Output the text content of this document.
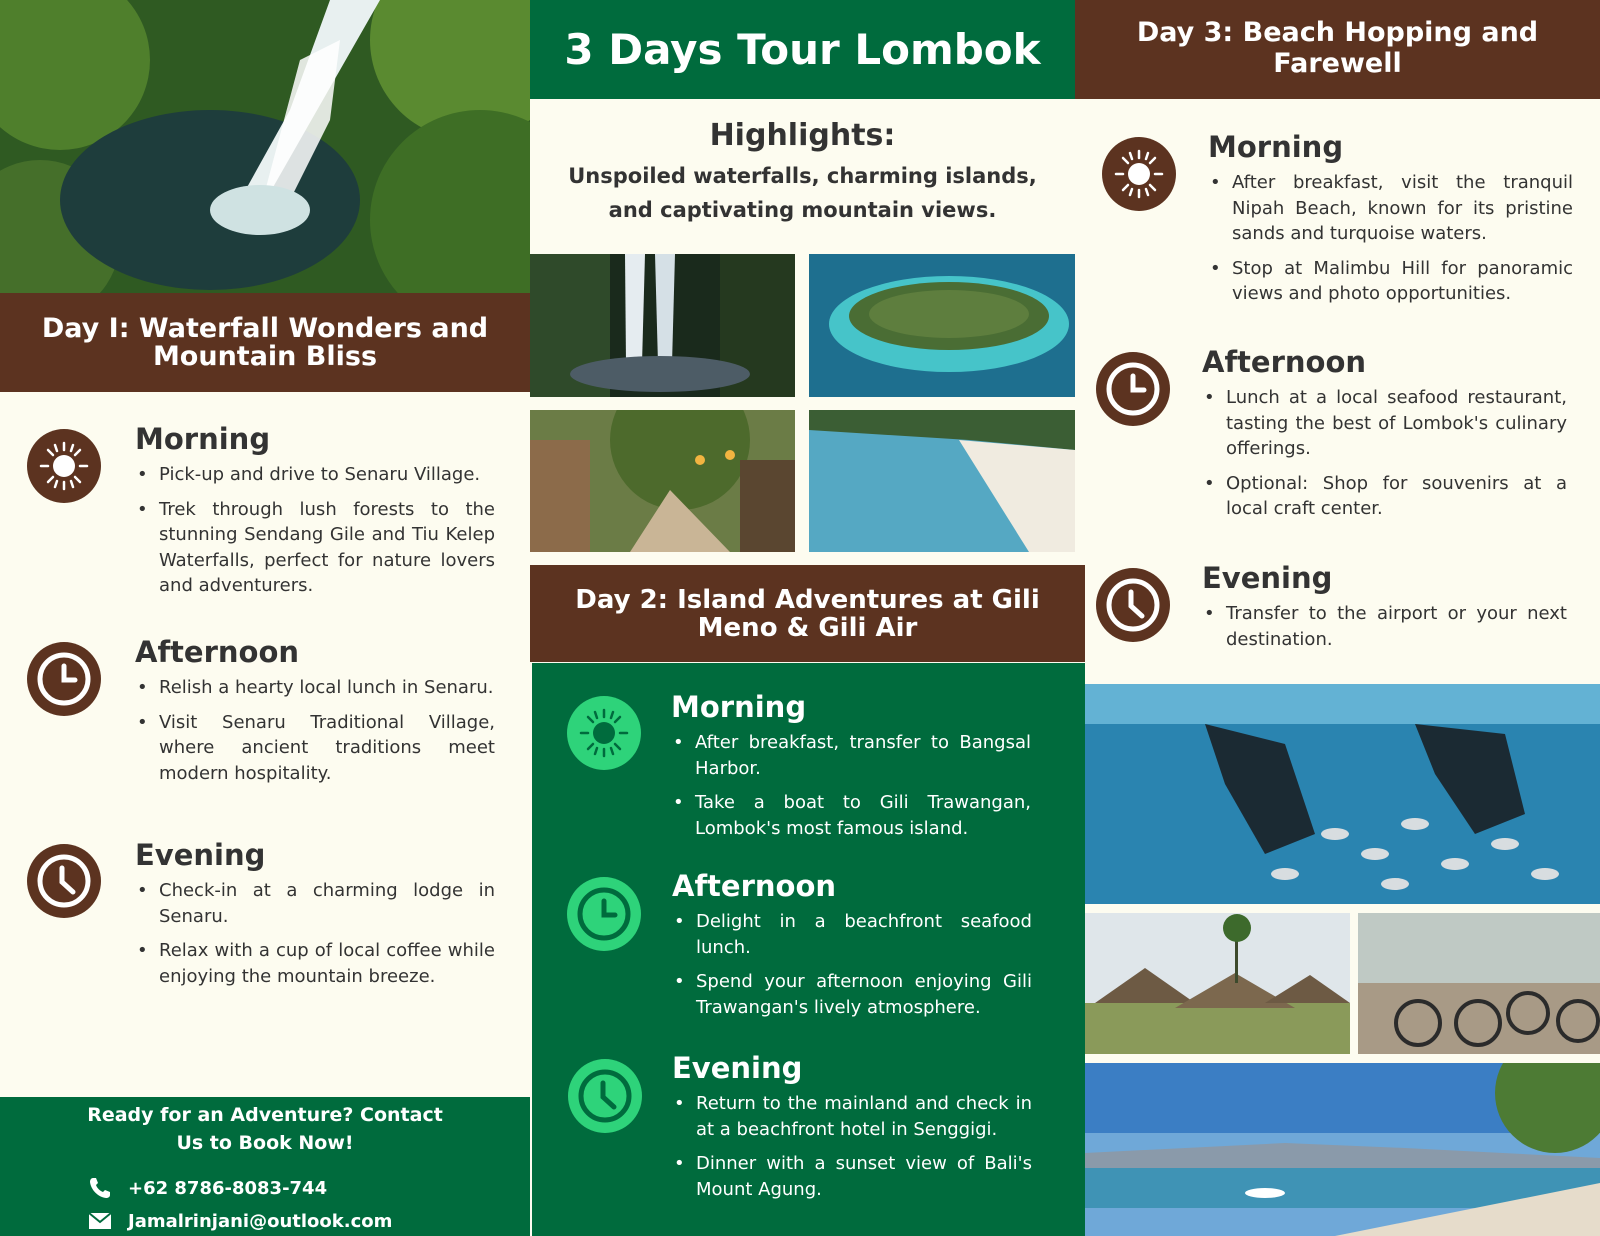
Day I: Waterfall Wonders and Mountain Bliss
Morning
• Pick-up and drive to Senaru Village.
• Trek through lush forests to the stunning Sendang Gile and Tiu Kelep Waterfalls, perfect for nature lovers and adventurers.
Afternoon
• Relish a hearty local lunch in Senaru.
• Visit Senaru Traditional Village, where ancient traditions meet modern hospitality.
Evening
• Check-in at a charming lodge in Senaru.
• Relax with a cup of local coffee while enjoying the mountain breeze.
Ready for an Adventure? Contact Us to Book Now!
+62 8786-8083-744
Jamalrinjani@outlook.com
3 Days Tour Lombok
Highlights:

Unspoiled waterfalls, charming islands, and captivating mountain views.

Day 2: Island Adventures at Gili Meno & Gili Air
Morning
• After breakfast, transfer to Bangsal Harbor.
• Take a boat to Gili Trawangan, Lombok's most famous island.
Afternoon
• Delight in a beachfront seafood lunch.
• Spend your afternoon enjoying Gili Trawangan's lively atmosphere.
Evening
• Return to the mainland and check in at a beachfront hotel in Senggigi.
• Dinner with a sunset view of Bali's Mount Agung.
Day 3: Beach Hopping and Farewell
Morning
• After breakfast, visit the tranquil Nipah Beach, known for its pristine sands and turquoise waters.
• Stop at Malimbu Hill for panoramic views and photo opportunities.
Afternoon
• Lunch at a local seafood restaurant, tasting the best of Lombok's culinary offerings.
• Optional: Shop for souvenirs at a local craft center.
Evening
• Transfer to the airport or your next destination.
